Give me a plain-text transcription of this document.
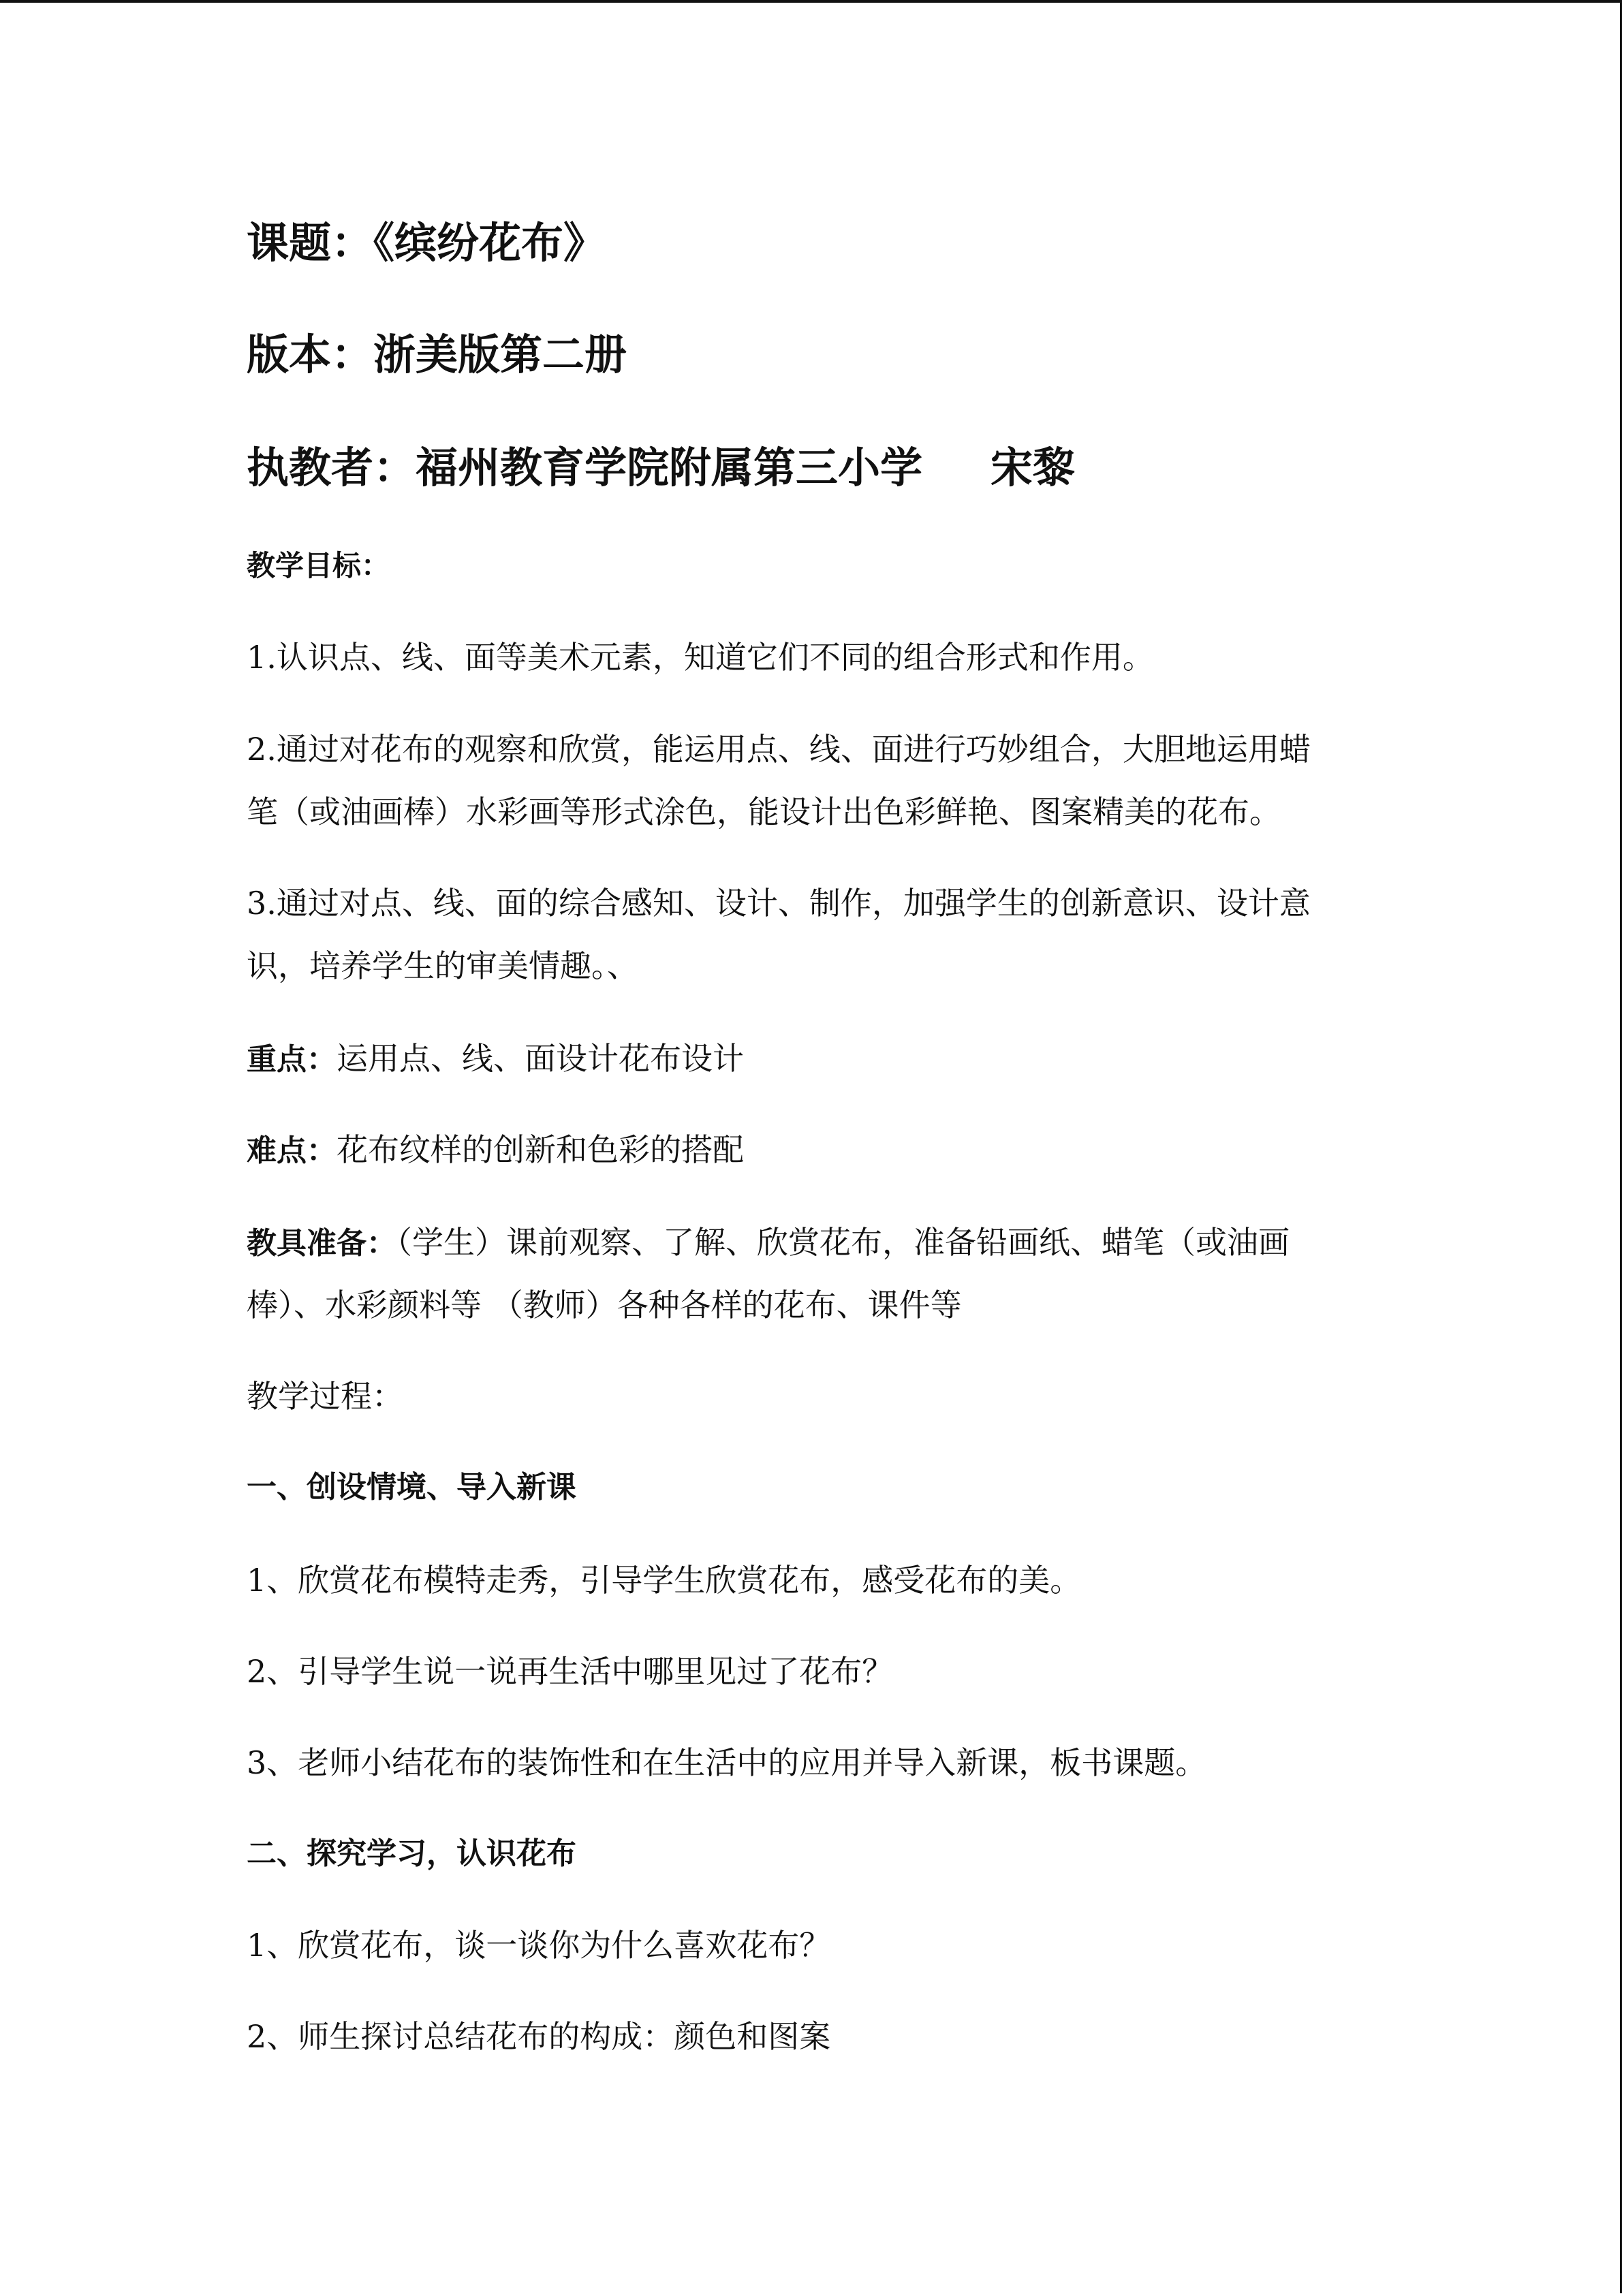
课题：《缤纷花布》
版本：浙美版第二册
执教者：福州教育学院附属第三小学 宋黎
教学目标：
1.认识点、线、面等美术元素，知道它们不同的组合形式和作用。
2.通过对花布的观察和欣赏，能运用点、线、面进行巧妙组合，大胆地运用蜡
笔（或油画棒）水彩画等形式涂色，能设计出色彩鲜艳、图案精美的花布。
3.通过对点、线、面的综合感知、设计、制作，加强学生的创新意识、设计意
识，培养学生的审美情趣。、
重点：运用点、线、面设计花布设计
难点：花布纹样的创新和色彩的搭配
教具准备：（学生）课前观察、了解、欣赏花布，准备铅画纸、蜡笔（或油画
棒）、水彩颜料等 （教师）各种各样的花布、课件等
教学过程：
一、创设情境、导入新课
1、欣赏花布模特走秀，引导学生欣赏花布，感受花布的美。
2、引导学生说一说再生活中哪里见过了花布？
3、老师小结花布的装饰性和在生活中的应用并导入新课，板书课题。
二、探究学习，认识花布
1、欣赏花布，谈一谈你为什么喜欢花布？
2、师生探讨总结花布的构成：颜色和图案
